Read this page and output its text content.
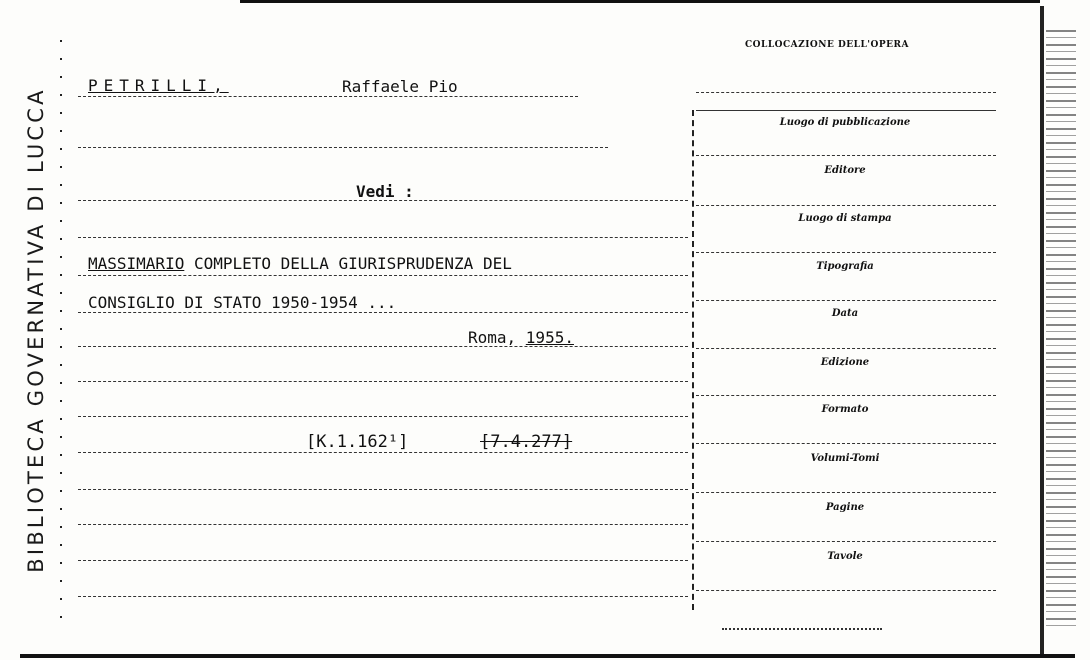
BIBLIOTECA GOVERNATIVA DI LUCCA
PETRILLI,	Raffaele Pio
Vedi :
MASSIMARIO COMPLETO DELLA GIURISPRUDENZA DEL
CONSIGLIO DI STATO 1950-1954 ...
Roma, 1955.
[K.1.162¹]	[7.4.277]
COLLOCAZIONE DELL'OPERA
Luogo di pubblicazione
Editore
Luogo di stampa
Tipografia
Data
Edizione
Formato
Volumi-Tomi
Pagine
Tavole
